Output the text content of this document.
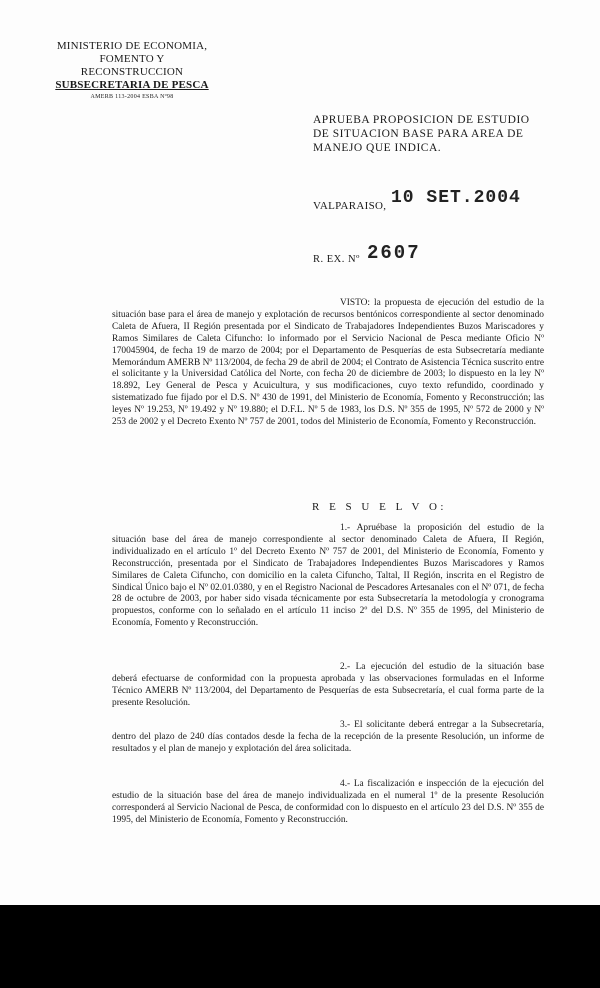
MINISTERIO DE ECONOMIA,
FOMENTO Y RECONSTRUCCION
SUBSECRETARIA DE PESCA
AMERB 113-2004 ESBA Nº98
APRUEBA PROPOSICION DE ESTUDIO DE SITUACION BASE PARA AREA DE MANEJO QUE INDICA.
VALPARAISO, 10 SET.2004
R. EX. Nº 2607

VISTO: la propuesta de ejecución del estudio de la situación base para el área de manejo y explotación de recursos bentónicos correspondiente al sector denominado Caleta de Afuera, II Región presentada por el Sindicato de Trabajadores Independientes Buzos Mariscadores y Ramos Similares de Caleta Cifuncho: lo informado por el Servicio Nacional de Pesca mediante Oficio Nº 170045904, de fecha 19 de marzo de 2004; por el Departamento de Pesquerías de esta Subsecretaría mediante Memorándum AMERB Nº 113/2004, de fecha 29 de abril de 2004; el Contrato de Asistencia Técnica suscrito entre el solicitante y la Universidad Católica del Norte, con fecha 20 de diciembre de 2003; lo dispuesto en la ley Nº 18.892, Ley General de Pesca y Acuicultura, y sus modificaciones, cuyo texto refundido, coordinado y sistematizado fue fijado por el D.S. Nº 430 de 1991, del Ministerio de Economía, Fomento y Reconstrucción; las leyes Nº 19.253, Nº 19.492 y Nº 19.880; el D.F.L. Nº 5 de 1983, los D.S. Nº 355 de 1995, Nº 572 de 2000 y Nº 253 de 2002 y el Decreto Exento Nº 757 de 2001, todos del Ministerio de Economía, Fomento y Reconstrucción.

R E S U E L V O:

1.- Apruébase la proposición del estudio de la situación base del área de manejo correspondiente al sector denominado Caleta de Afuera, II Región, individualizado en el artículo 1º del Decreto Exento Nº 757 de 2001, del Ministerio de Economía, Fomento y Reconstrucción, presentada por el Sindicato de Trabajadores Independientes Buzos Mariscadores y Ramos Similares de Caleta Cifuncho, con domicilio en la caleta Cifuncho, Taltal, II Región, inscrita en el Registro de Sindical Único bajo el Nº 02.01.0380, y en el Registro Nacional de Pescadores Artesanales con el Nº 071, de fecha 28 de octubre de 2003, por haber sido visada técnicamente por esta Subsecretaría la metodología y cronograma propuestos, conforme con lo señalado en el artículo 11 inciso 2º del D.S. Nº 355 de 1995, del Ministerio de Economía, Fomento y Reconstrucción.

2.- La ejecución del estudio de la situación base deberá efectuarse de conformidad con la propuesta aprobada y las observaciones formuladas en el Informe Técnico AMERB Nº 113/2004, del Departamento de Pesquerías de esta Subsecretaría, el cual forma parte de la presente Resolución.

3.- El solicitante deberá entregar a la Subsecretaría, dentro del plazo de 240 días contados desde la fecha de la recepción de la presente Resolución, un informe de resultados y el plan de manejo y explotación del área solicitada.

4.- La fiscalización e inspección de la ejecución del estudio de la situación base del área de manejo individualizada en el numeral 1º de la presente Resolución corresponderá al Servicio Nacional de Pesca, de conformidad con lo dispuesto en el artículo 23 del D.S. Nº 355 de 1995, del Ministerio de Economía, Fomento y Reconstrucción.
